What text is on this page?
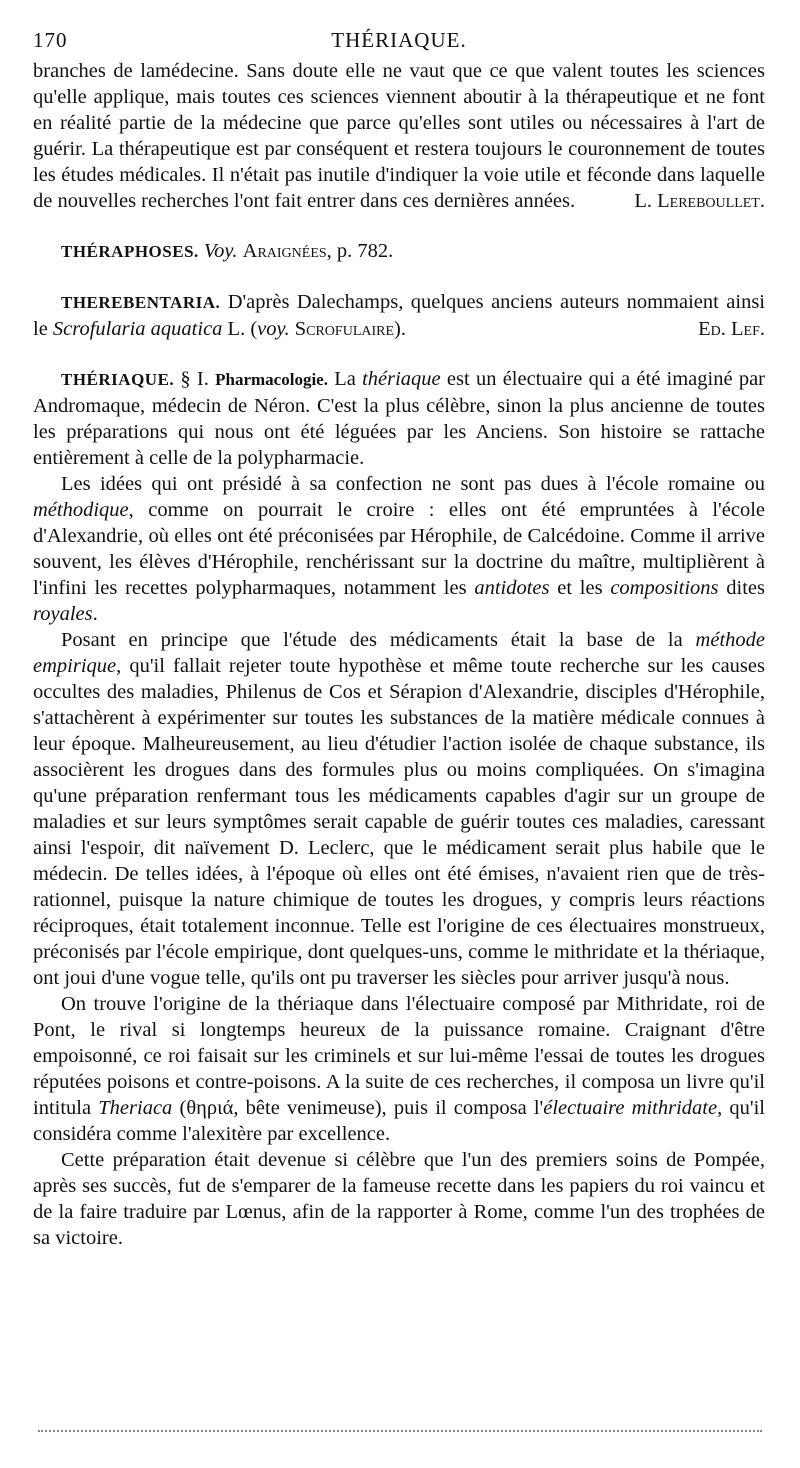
170	THÉRIAQUE.

branches de lamédecine. Sans doute elle ne vaut que ce que valent toutes les sciences qu'elle applique, mais toutes ces sciences viennent aboutir à la thérapeutique et ne font en réalité partie de la médecine que parce qu'elles sont utiles ou nécessaires à l'art de guérir. La thérapeutique est par conséquent et restera toujours le couronnement de toutes les études médicales. Il n'était pas inutile d'indiquer la voie utile et féconde dans laquelle de nouvelles recherches l'ont fait entrer dans ces dernières années.	L. Lereboullet.

THÉRAPHOSES. Voy. Araignées, p. 782.

THEREBENTARIA. D'après Dalechamps, quelques anciens auteurs nommaient ainsi le Scrofularia aquatica L. (voy. Scrofulaire).	Ed. Lef.

THÉRIAQUE. § I. Pharmacologie. La thériaque est un électuaire qui a été imaginé par Andromaque, médecin de Néron. C'est la plus célèbre, sinon la plus ancienne de toutes les préparations qui nous ont été léguées par les Anciens. Son histoire se rattache entièrement à celle de la polypharmacie.

Les idées qui ont présidé à sa confection ne sont pas dues à l'école romaine ou méthodique, comme on pourrait le croire : elles ont été empruntées à l'école d'Alexandrie, où elles ont été préconisées par Hérophile, de Calcédoine. Comme il arrive souvent, les élèves d'Hérophile, renchérissant sur la doctrine du maître, multiplièrent à l'infini les recettes polypharmaques, notamment les antidotes et les compositions dites royales.

Posant en principe que l'étude des médicaments était la base de la méthode empirique, qu'il fallait rejeter toute hypothèse et même toute recherche sur les causes occultes des maladies, Philenus de Cos et Sérapion d'Alexandrie, disciples d'Hérophile, s'attachèrent à expérimenter sur toutes les substances de la matière médicale connues à leur époque. Malheureusement, au lieu d'étudier l'action isolée de chaque substance, ils associèrent les drogues dans des formules plus ou moins compliquées. On s'imagina qu'une préparation renfermant tous les médicaments capables d'agir sur un groupe de maladies et sur leurs symptômes serait capable de guérir toutes ces maladies, caressant ainsi l'espoir, dit naïvement D. Leclerc, que le médicament serait plus habile que le médecin. De telles idées, à l'époque où elles ont été émises, n'avaient rien que de très-rationnel, puisque la nature chimique de toutes les drogues, y compris leurs réactions réciproques, était totalement inconnue. Telle est l'origine de ces électuaires monstrueux, préconisés par l'école empirique, dont quelques-uns, comme le mithridate et la thériaque, ont joui d'une vogue telle, qu'ils ont pu traverser les siècles pour arriver jusqu'à nous.

On trouve l'origine de la thériaque dans l'électuaire composé par Mithridate, roi de Pont, le rival si longtemps heureux de la puissance romaine. Craignant d'être empoisonné, ce roi faisait sur les criminels et sur lui-même l'essai de toutes les drogues réputées poisons et contre-poisons. A la suite de ces recherches, il composa un livre qu'il intitula Theriaca (θηριά, bête venimeuse), puis il composa l'électuaire mithridate, qu'il considéra comme l'alexitère par excellence.

Cette préparation était devenue si célèbre que l'un des premiers soins de Pompée, après ses succès, fut de s'emparer de la fameuse recette dans les papiers du roi vaincu et de la faire traduire par Lœnus, afin de la rapporter à Rome, comme l'un des trophées de sa victoire.
